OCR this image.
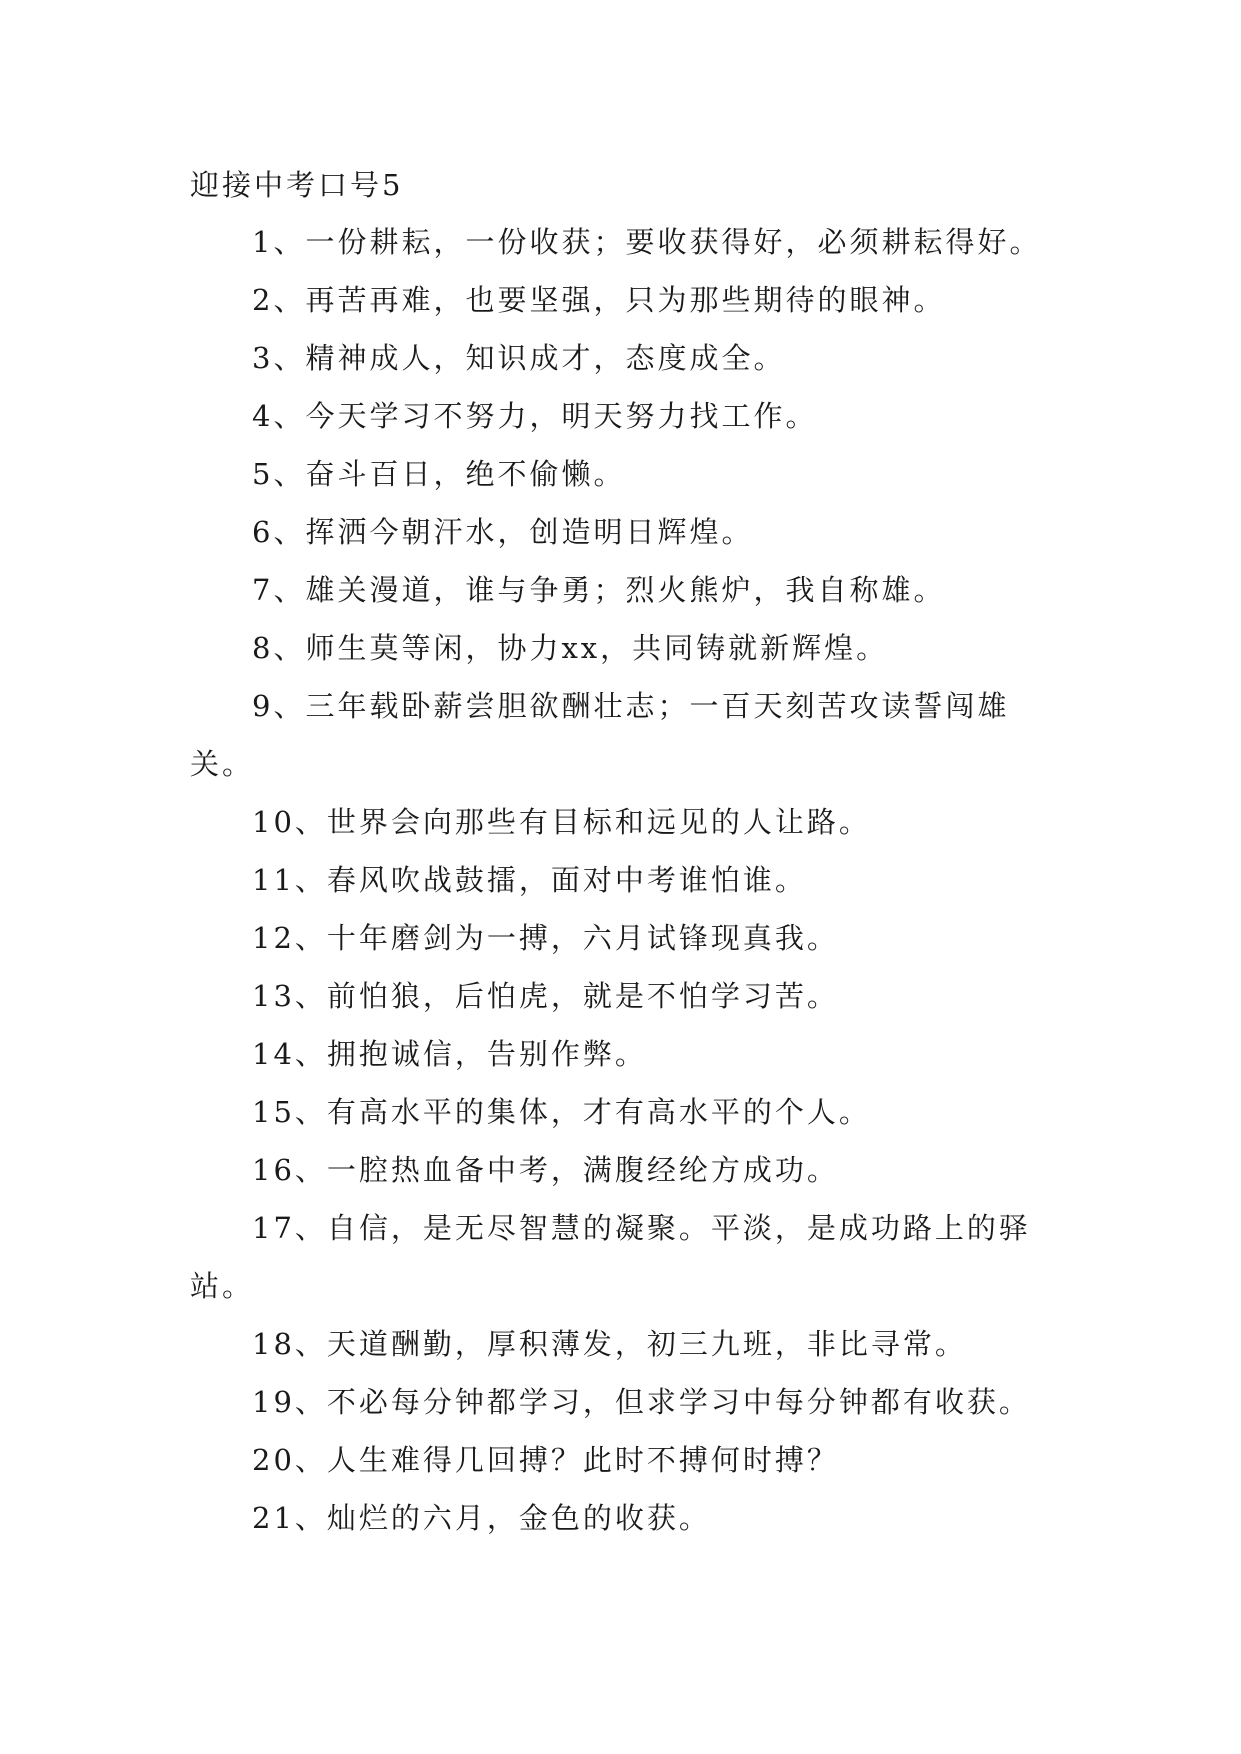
迎接中考口号5
1、一份耕耘，一份收获；要收获得好，必须耕耘得好。
2、再苦再难，也要坚强，只为那些期待的眼神。
3、精神成人，知识成才，态度成全。
4、今天学习不努力，明天努力找工作。
5、奋斗百日，绝不偷懒。
6、挥洒今朝汗水，创造明日辉煌。
7、雄关漫道，谁与争勇；烈火熊炉，我自称雄。
8、师生莫等闲，协力xx，共同铸就新辉煌。
9、三年载卧薪尝胆欲酬壮志；一百天刻苦攻读誓闯雄关。
10、世界会向那些有目标和远见的人让路。
11、春风吹战鼓擂，面对中考谁怕谁。
12、十年磨剑为一搏，六月试锋现真我。
13、前怕狼，后怕虎，就是不怕学习苦。
14、拥抱诚信，告别作弊。
15、有高水平的集体，才有高水平的个人。
16、一腔热血备中考，满腹经纶方成功。
17、自信，是无尽智慧的凝聚。平淡，是成功路上的驿站。
18、天道酬勤，厚积薄发，初三九班，非比寻常。
19、不必每分钟都学习，但求学习中每分钟都有收获。
20、人生难得几回搏？此时不搏何时搏？
21、灿烂的六月，金色的收获。
